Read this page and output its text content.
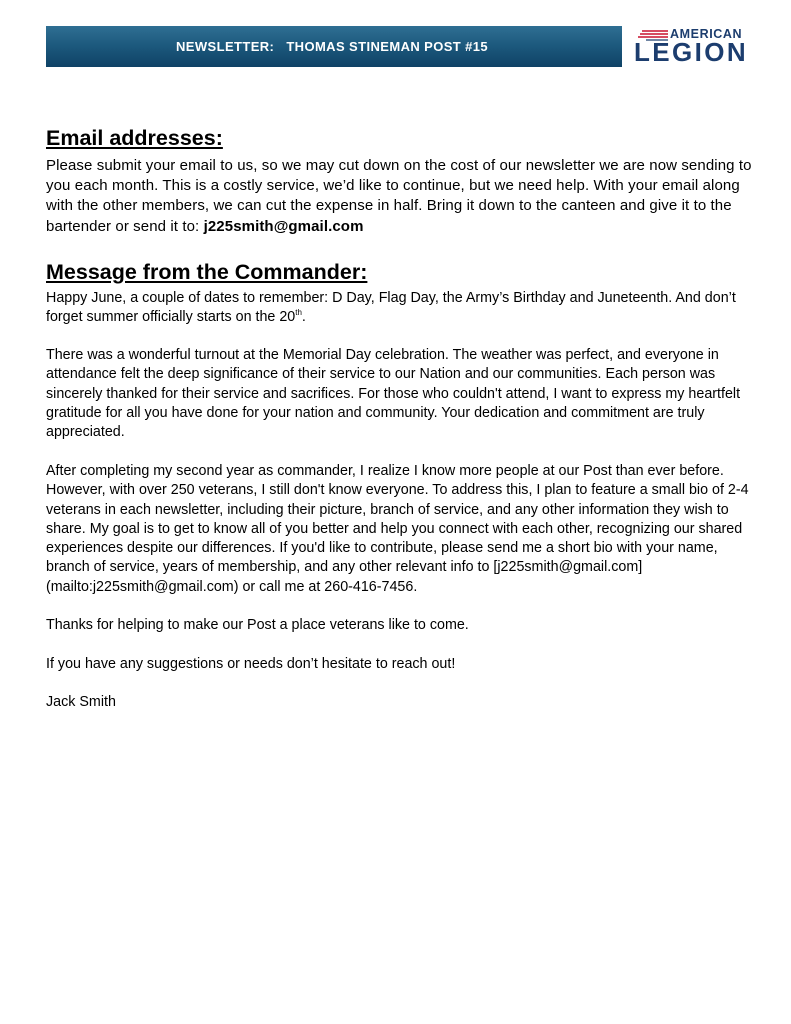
NEWSLETTER:   THOMAS STINEMAN POST #15
AMERICAN
LEGION
Email addresses:

Please submit your email to us, so we may cut down on the cost of our newsletter we are now sending to you each month. This is a costly service, we’d like to continue, but we need help. With your email along with the other members, we can cut the expense in half. Bring it down to the canteen and give it to the bartender or send it to: j225smith@gmail.com

Message from the Commander:

Happy June, a couple of dates to remember: D Day, Flag Day, the Army’s Birthday and Juneteenth. And don’t forget summer officially starts on the 20th.

There was a wonderful turnout at the Memorial Day celebration. The weather was perfect, and everyone in attendance felt the deep significance of their service to our Nation and our communities. Each person was sincerely thanked for their service and sacrifices. For those who couldn't attend, I want to express my heartfelt gratitude for all you have done for your nation and community. Your dedication and commitment are truly appreciated.

After completing my second year as commander, I realize I know more people at our Post than ever before. However, with over 250 veterans, I still don't know everyone. To address this, I plan to feature a small bio of 2-4 veterans in each newsletter, including their picture, branch of service, and any other information they wish to share. My goal is to get to know all of you better and help you connect with each other, recognizing our shared experiences despite our differences. If you'd like to contribute, please send me a short bio with your name, branch of service, years of membership, and any other relevant info to [j225smith@gmail.com] (mailto:j225smith@gmail.com) or call me at 260-416-7456.

Thanks for helping to make our Post a place veterans like to come.

If you have any suggestions or needs don’t hesitate to reach out!

Jack Smith
